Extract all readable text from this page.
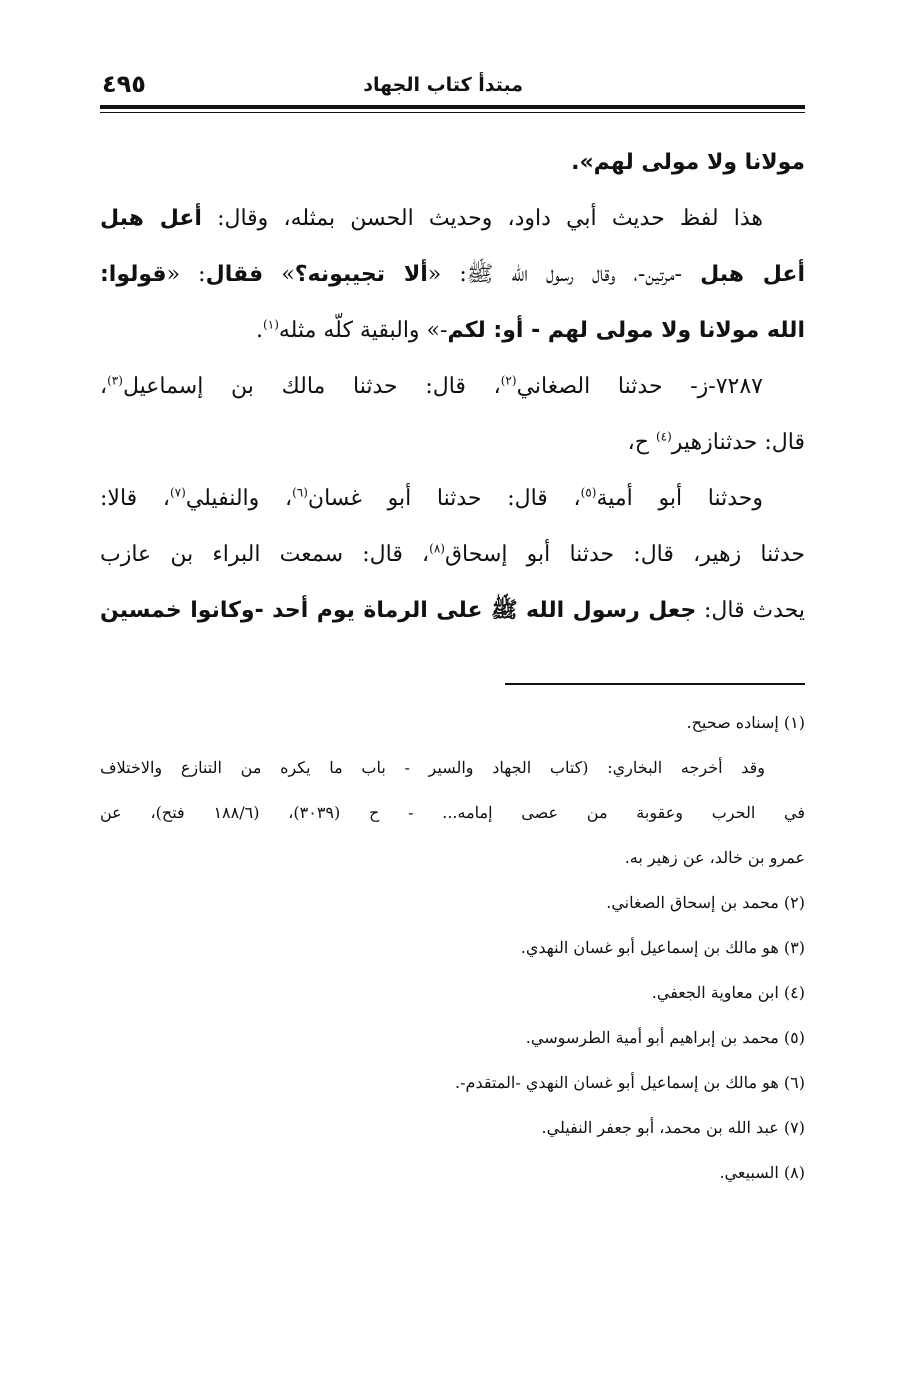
٤٩٥	مبتدأ كتاب الجهاد
مولانا ولا مولى لهم».
هذا لفظ حديث أبي داود، وحديث الحسن بمثله، وقال: أعل هبل
أعل هبل -مرتين-، وقال رسول الله ﷺ: «ألا تجيبونه؟» فقال: «قولوا:
الله مولانا ولا مولى لهم - أو: لكم-» والبقية كلّه مثله$^{(١)}$.
٧٢٨٧-ز- حدثنا الصغاني$^{(٢)}$، قال: حدثنا مالك بن إسماعيل$^{(٣)}$،
قال: حدثنازهير$^{(٤)}$ ح،
وحدثنا أبو أمية$^{(٥)}$، قال: حدثنا أبو غسان$^{(٦)}$، والنفيلي$^{(٧)}$، قالا:
حدثنا زهير، قال: حدثنا أبو إسحاق$^{(٨)}$، قال: سمعت البراء بن عازب
يحدث قال: جعل رسول الله ﷺ على الرماة يوم أحد -وكانوا خمسين
(١) إسناده صحيح.
وقد أخرجه البخاري: (كتاب الجهاد والسير - باب ما يكره من التنازع والاختلاف
في الحرب وعقوبة من عصى إمامه... - ح (٣٠٣٩)، (١٨٨/٦ فتح)، عن
عمرو بن خالد، عن زهير به.
(٢) محمد بن إسحاق الصغاني.
(٣) هو مالك بن إسماعيل أبو غسان النهدي.
(٤) ابن معاوية الجعفي.
(٥) محمد بن إبراهيم أبو أمية الطرسوسي.
(٦) هو مالك بن إسماعيل أبو غسان النهدي -المتقدم-.
(٧) عبد الله بن محمد، أبو جعفر النفيلي.
(٨) السبيعي.
